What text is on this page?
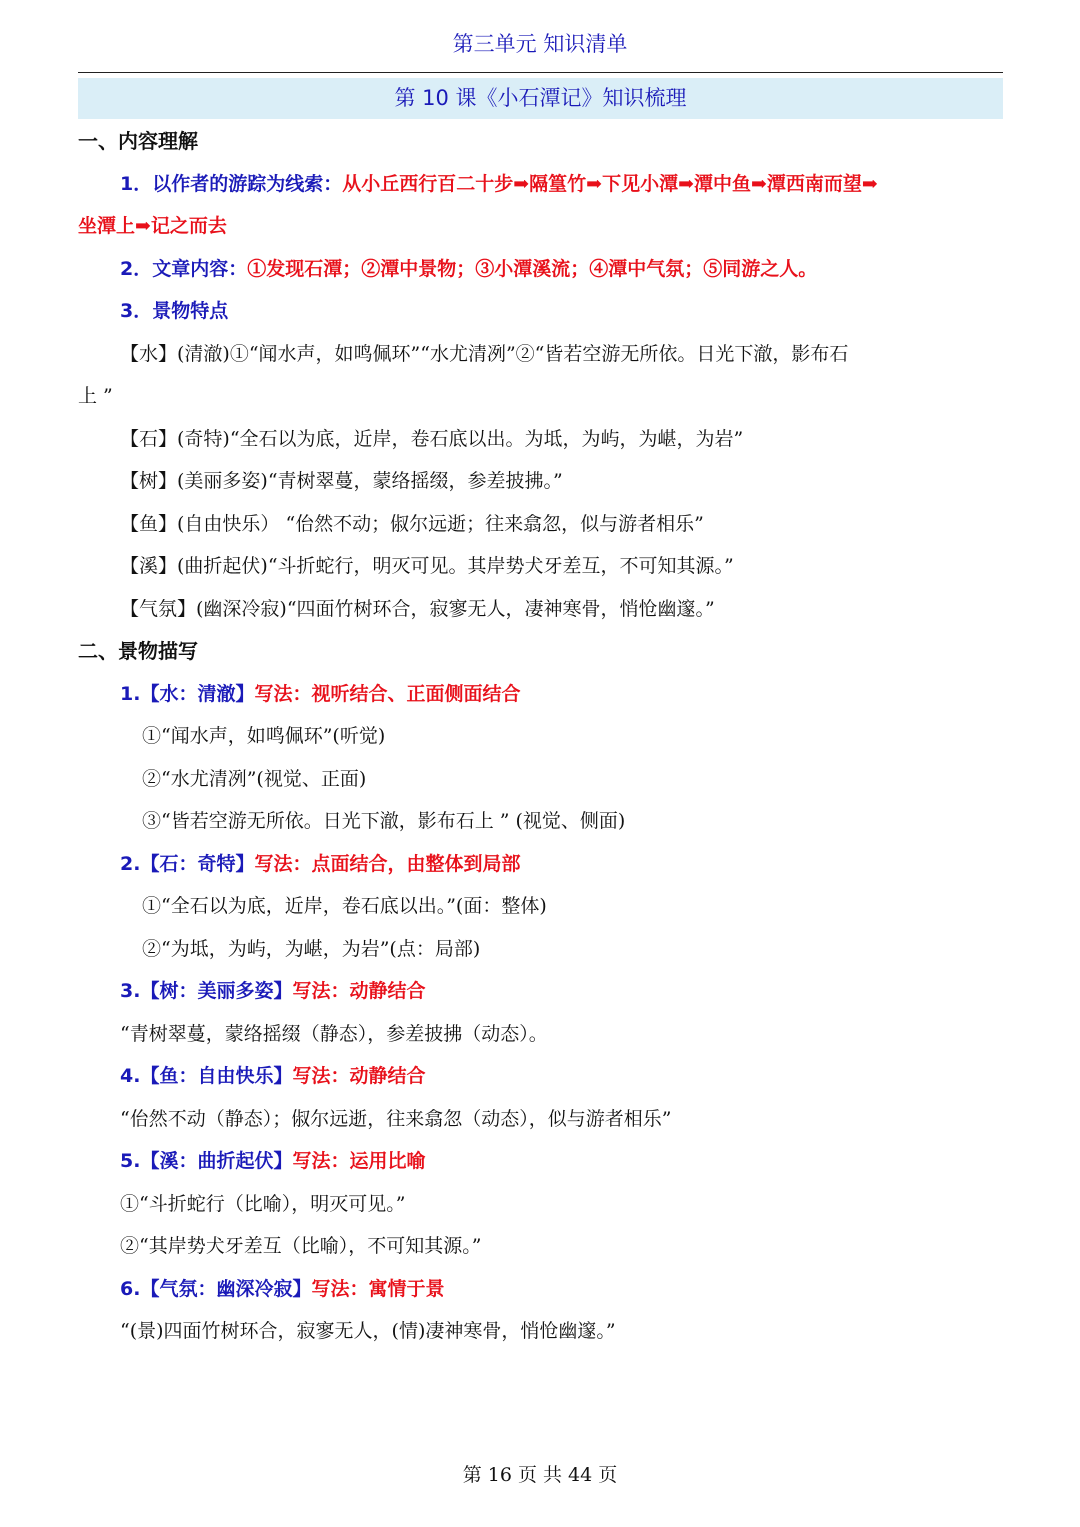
第三单元 知识清单
第 10 课《小石潭记》知识梳理
一、内容理解
1．以作者的游踪为线索：从小丘西行百二十步➡隔篁竹➡下见小潭➡潭中鱼➡潭西南而望➡
坐潭上➡记之而去
2．文章内容：①发现石潭；②潭中景物；③小潭溪流；④潭中气氛；⑤同游之人。
3．景物特点
【水】(清澈)①“闻水声，如鸣佩环”“水尤清冽”②“皆若空游无所依。日光下澈，影布石
上 ”
【石】(奇特)“全石以为底，近岸，卷石底以出。为坻，为屿，为嵁，为岩”
【树】(美丽多姿)“青树翠蔓，蒙络摇缀，参差披拂。”
【鱼】(自由快乐） “佁然不动；俶尔远逝；往来翕忽，似与游者相乐”
【溪】(曲折起伏)“斗折蛇行，明灭可见。其岸势犬牙差互，不可知其源。”
【气氛】(幽深冷寂)“四面竹树环合，寂寥无人，凄神寒骨，悄怆幽邃。”
二、景物描写
1.【水：清澈】写法：视听结合、正面侧面结合
①“闻水声，如鸣佩环”(听觉)
②“水尤清冽”(视觉、正面)
③“皆若空游无所依。日光下澈，影布石上 ” (视觉、侧面)
2.【石：奇特】写法：点面结合，由整体到局部
①“全石以为底，近岸，卷石底以出。”(面：整体)
②“为坻，为屿，为嵁，为岩”(点：局部)
3.【树：美丽多姿】写法：动静结合
“青树翠蔓，蒙络摇缀（静态），参差披拂（动态）。
4.【鱼：自由快乐】写法：动静结合
“佁然不动（静态）；俶尔远逝，往来翕忽（动态），似与游者相乐”
5.【溪：曲折起伏】写法：运用比喻
①“斗折蛇行（比喻），明灭可见。”
②“其岸势犬牙差互（比喻），不可知其源。”
6.【气氛：幽深冷寂】写法：寓情于景
“(景)四面竹树环合，寂寥无人，(情)凄神寒骨，悄怆幽邃。”
第 16 页 共 44 页
